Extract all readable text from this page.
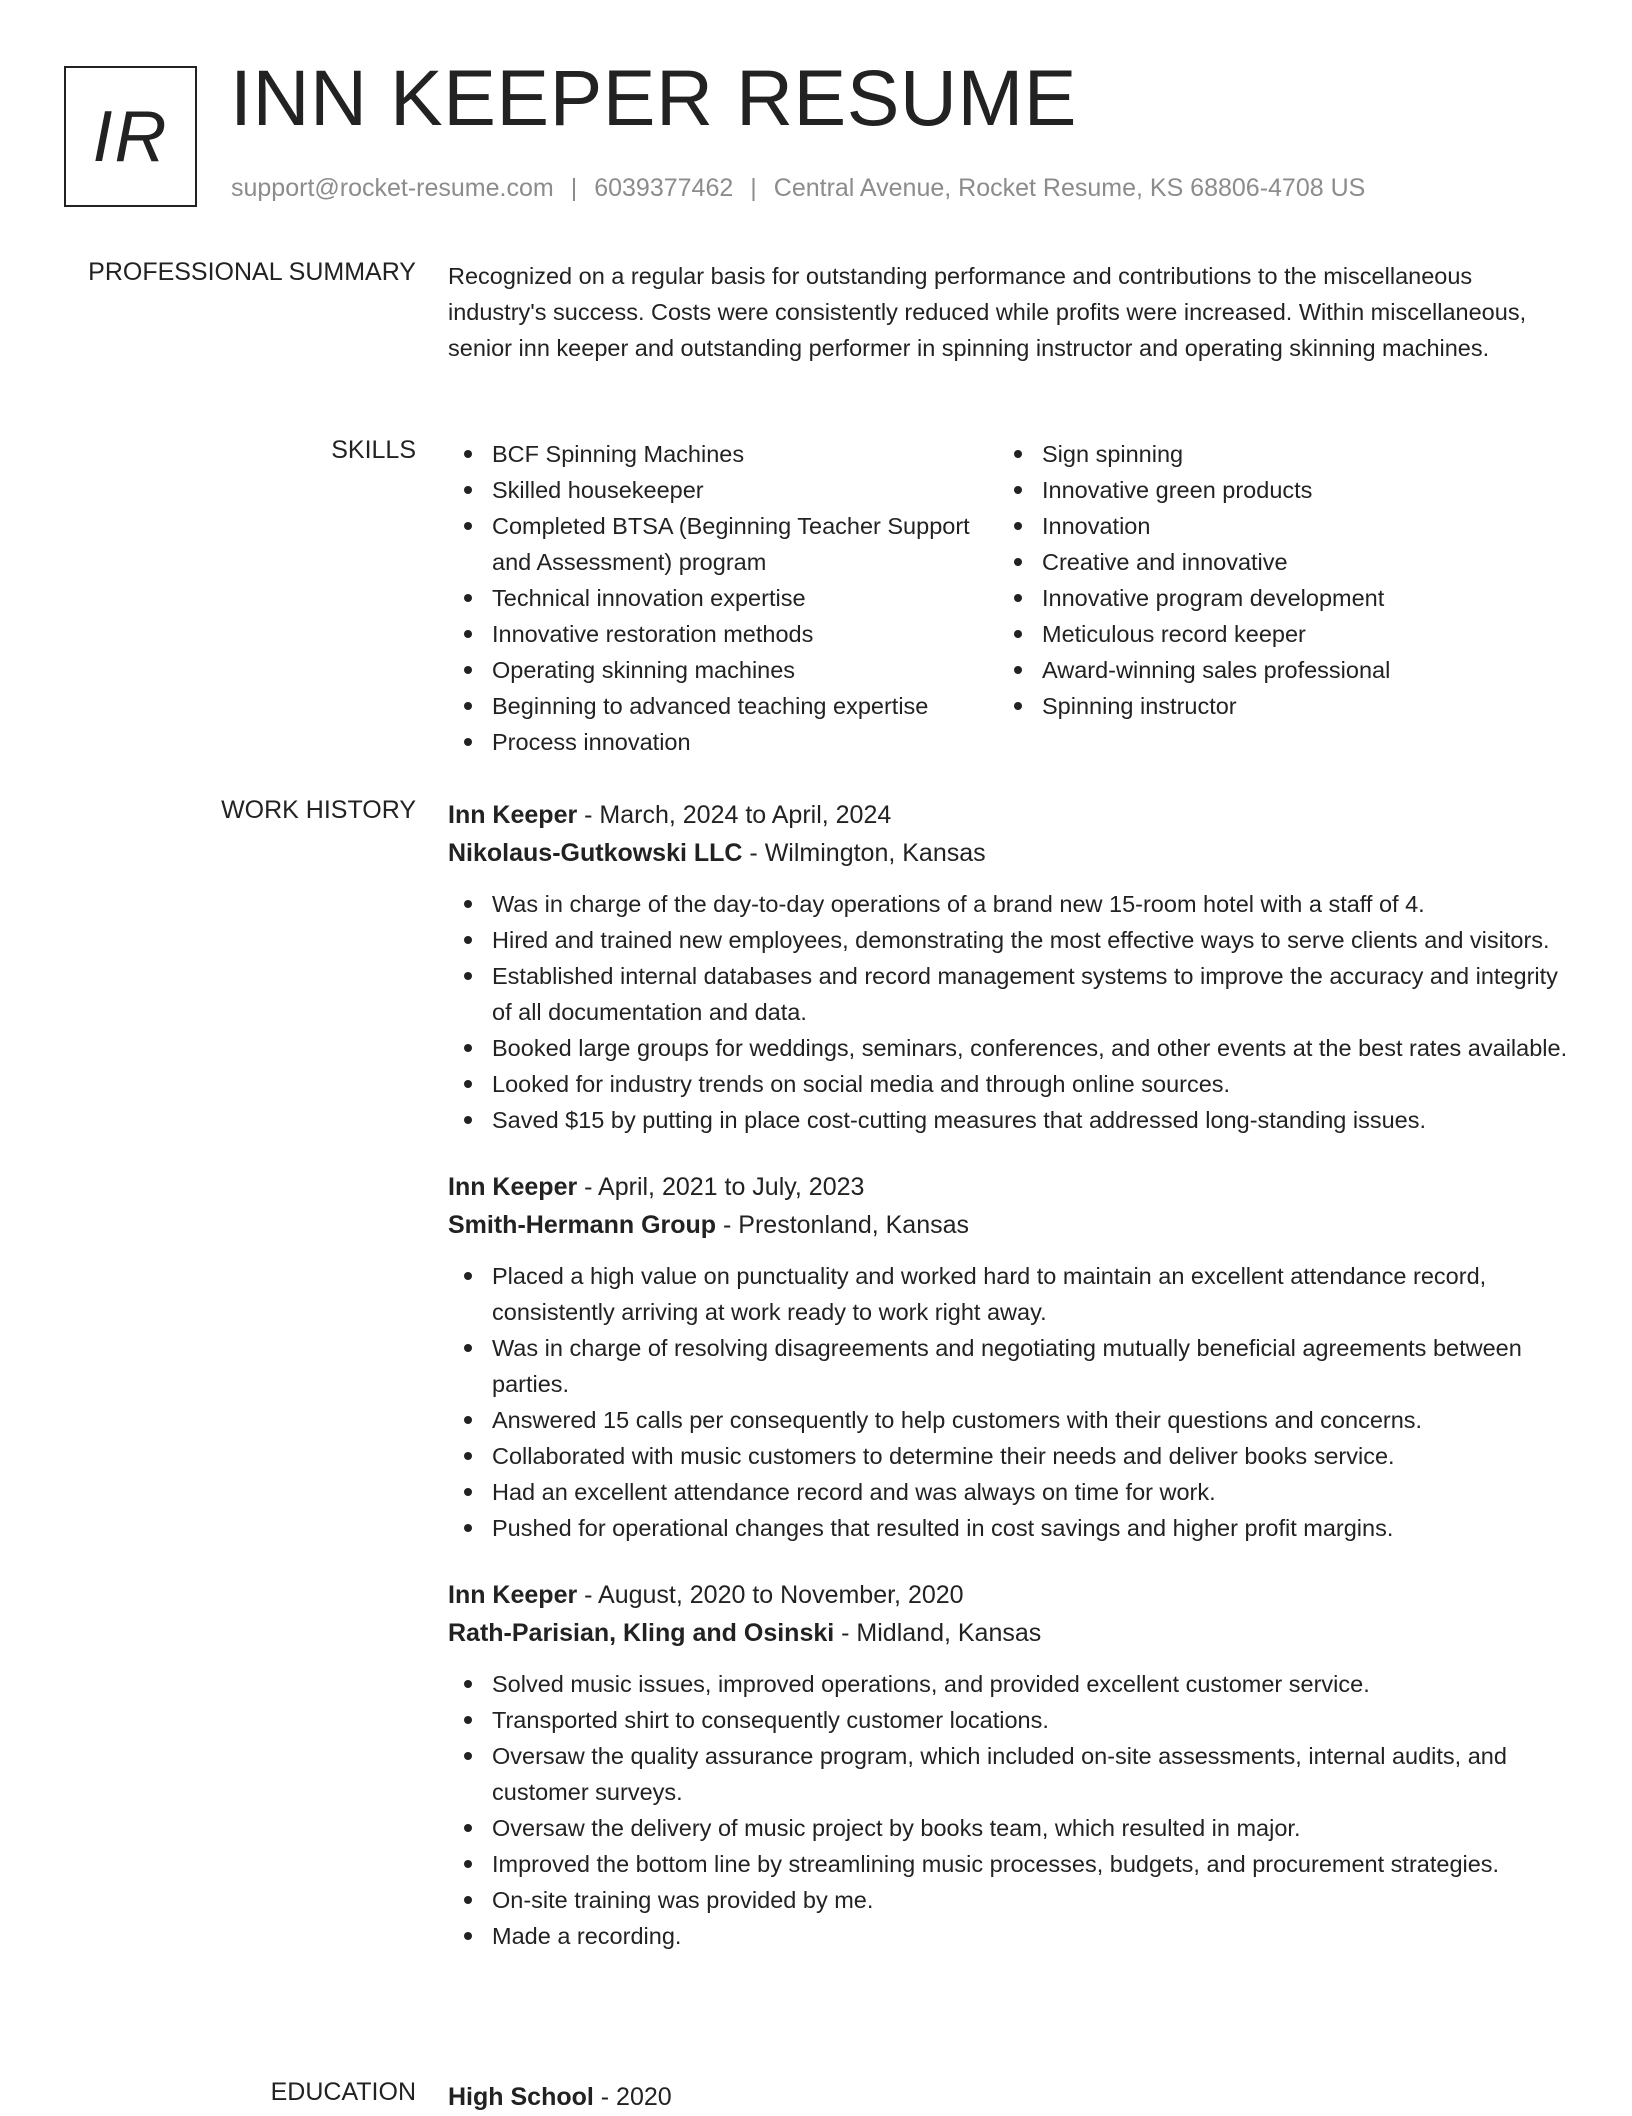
IR INN KEEPER RESUME
support@rocket-resume.com | 6039377462 | Central Avenue, Rocket Resume, KS 68806-4708 US
PROFESSIONAL SUMMARY Recognized on a regular basis for outstanding performance and contributions to the miscellaneous industry's success. Costs were consistently reduced while profits were increased. Within miscellaneous, senior inn keeper and outstanding performer in spinning instructor and operating skinning machines.

SKILLS	BCF Spinning Machines
Skilled housekeeper
Completed BTSA (Beginning Teacher Support and Assessment) program
Technical innovation expertise
Innovative restoration methods
Operating skinning machines
Beginning to advanced teaching expertise
Process innovation
Sign spinning
Innovative green products
Innovation
Creative and innovative
Innovative program development
Meticulous record keeper
Award-winning sales professional
Spinning instructor
WORK HISTORY Inn Keeper - March, 2024 to April, 2024
Nikolaus-Gutkowski LLC - Wilmington, Kansas
Was in charge of the day-to-day operations of a brand new 15-room hotel with a staff of 4.
Hired and trained new employees, demonstrating the most effective ways to serve clients and visitors.
Established internal databases and record management systems to improve the accuracy and integrity of all documentation and data.
Booked large groups for weddings, seminars, conferences, and other events at the best rates available.
Looked for industry trends on social media and through online sources.
Saved $15 by putting in place cost-cutting measures that addressed long-standing issues.
Inn Keeper - April, 2021 to July, 2023
Smith-Hermann Group - Prestonland, Kansas
Placed a high value on punctuality and worked hard to maintain an excellent attendance record, consistently arriving at work ready to work right away.
Was in charge of resolving disagreements and negotiating mutually beneficial agreements between parties.
Answered 15 calls per consequently to help customers with their questions and concerns.
Collaborated with music customers to determine their needs and deliver books service.
Had an excellent attendance record and was always on time for work.
Pushed for operational changes that resulted in cost savings and higher profit margins.
Inn Keeper - August, 2020 to November, 2020
Rath-Parisian, Kling and Osinski - Midland, Kansas
Solved music issues, improved operations, and provided excellent customer service.
Transported shirt to consequently customer locations.
Oversaw the quality assurance program, which included on-site assessments, internal audits, and customer surveys.
Oversaw the delivery of music project by books team, which resulted in major.
Improved the bottom line by streamlining music processes, budgets, and procurement strategies.
On-site training was provided by me.
Made a recording.
EDUCATION High School - 2020
